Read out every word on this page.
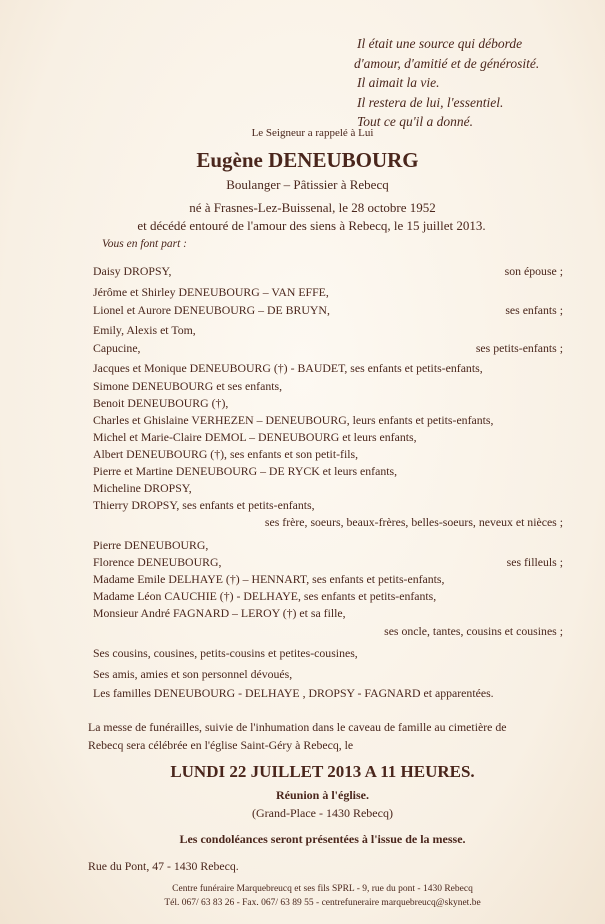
Il était une source qui déborde
d'amour, d'amitié et de générosité.
Il aimait la vie.
Il restera de lui, l'essentiel.
Tout ce qu'il a donné.
Le Seigneur a rappelé à Lui
Eugène DENEUBOURG
Boulanger – Pâtissier à Rebecq
né à Frasnes-Lez-Buissenal, le 28 octobre 1952
et décédé entouré de l'amour des siens à Rebecq, le 15 juillet 2013.
Vous en font part :
Daisy DROPSY,	son épouse ;
Jérôme et Shirley DENEUBOURG – VAN EFFE,
Lionel et Aurore DENEUBOURG – DE BRUYN,	ses enfants ;
Emily, Alexis et Tom,
Capucine,	ses petits-enfants ;
Jacques et Monique DENEUBOURG (†) - BAUDET, ses enfants et petits-enfants,
Simone DENEUBOURG et ses enfants,
Benoit DENEUBOURG (†),
Charles et Ghislaine VERHEZEN – DENEUBOURG, leurs enfants et petits-enfants,
Michel et Marie-Claire DEMOL – DENEUBOURG et leurs enfants,
Albert DENEUBOURG (†), ses enfants et son petit-fils,
Pierre et Martine DENEUBOURG – DE RYCK et leurs enfants,
Micheline DROPSY,
Thierry DROPSY, ses enfants et petits-enfants,
ses frère, soeurs, beaux-frères, belles-soeurs, neveux et nièces ;
Pierre DENEUBOURG,
Florence DENEUBOURG,	ses filleuls ;
Madame Emile DELHAYE (†) – HENNART, ses enfants et petits-enfants,
Madame Léon CAUCHIE (†) - DELHAYE, ses enfants et petits-enfants,
Monsieur André FAGNARD – LEROY (†) et sa fille,
ses oncle, tantes, cousins et cousines ;
Ses cousins, cousines, petits-cousins et petites-cousines,
Ses amis, amies et son personnel dévoués,
Les familles DENEUBOURG - DELHAYE , DROPSY - FAGNARD et apparentées.
La messe de funérailles, suivie de l'inhumation dans le caveau de famille au cimetière de
Rebecq sera célébrée en l'église Saint-Géry à Rebecq, le
LUNDI 22 JUILLET 2013 A 11 HEURES.
Réunion à l'église.
(Grand-Place - 1430 Rebecq)
Les condoléances seront présentées à l'issue de la messe.
Rue du Pont, 47 - 1430 Rebecq.
Centre funéraire Marquebreucq et ses fils SPRL - 9, rue du pont - 1430 Rebecq
Tél. 067/ 63 83 26 - Fax. 067/ 63 89 55 - centrefuneraire marquebreucq@skynet.be
